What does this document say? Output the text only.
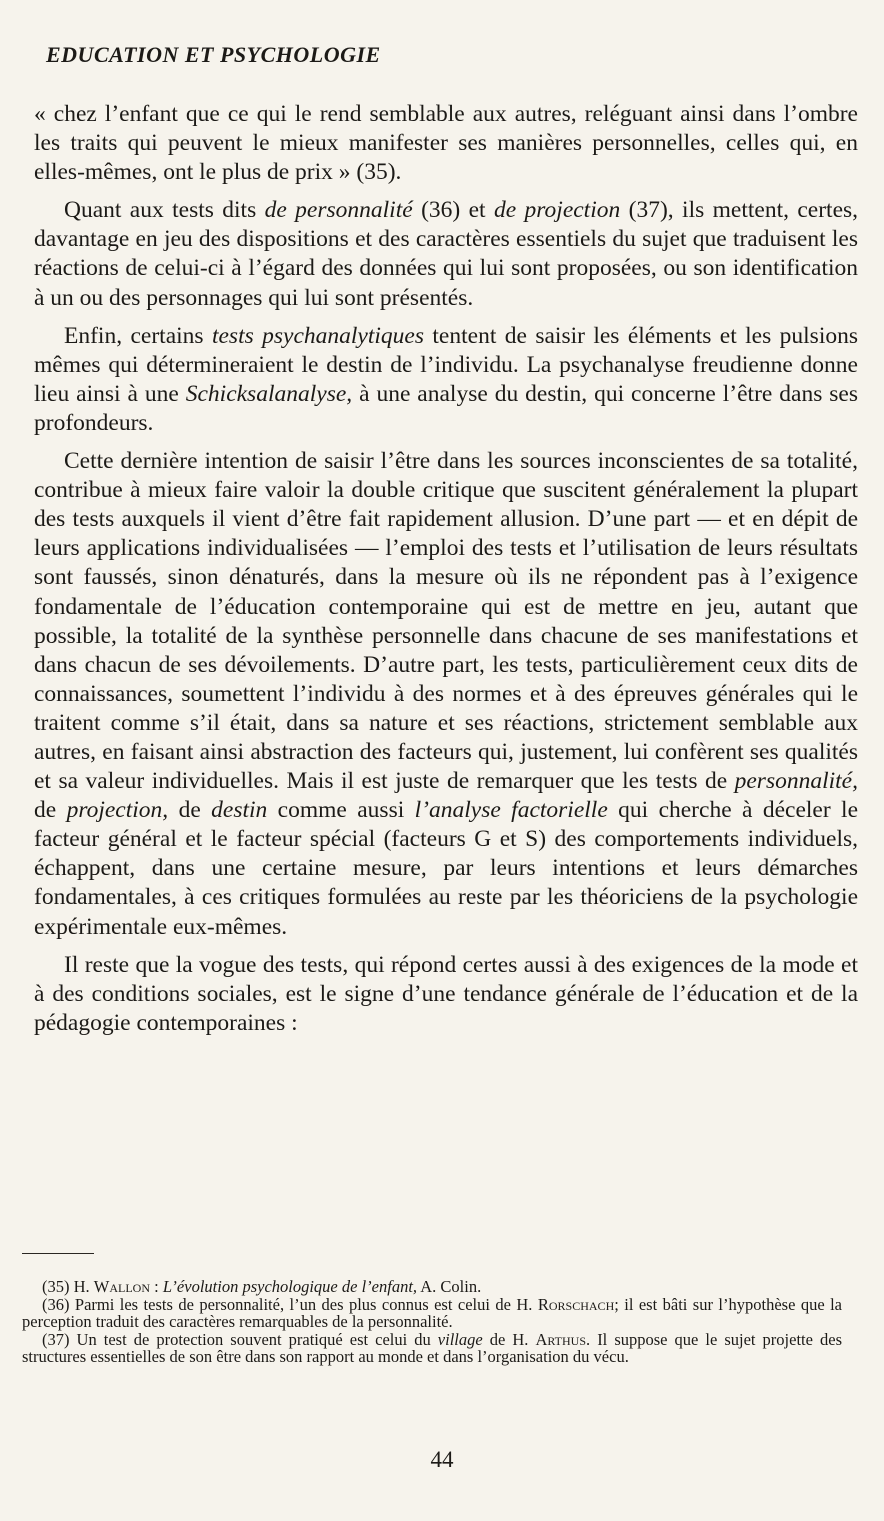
EDUCATION ET PSYCHOLOGIE

« chez l’enfant que ce qui le rend semblable aux autres, reléguant ainsi dans l’ombre les traits qui peuvent le mieux manifester ses manières personnelles, celles qui, en elles-mêmes, ont le plus de prix » (35).

Quant aux tests dits de personnalité (36) et de projection (37), ils mettent, certes, davantage en jeu des dispositions et des caractères essentiels du sujet que traduisent les réactions de celui-ci à l’égard des données qui lui sont proposées, ou son identification à un ou des personnages qui lui sont présentés.

Enfin, certains tests psychanalytiques tentent de saisir les éléments et les pulsions mêmes qui détermineraient le destin de l’individu. La psychanalyse freudienne donne lieu ainsi à une Schicksalanalyse, à une analyse du destin, qui concerne l’être dans ses profondeurs.

Cette dernière intention de saisir l’être dans les sources inconscientes de sa totalité, contribue à mieux faire valoir la double critique que suscitent généralement la plupart des tests auxquels il vient d’être fait rapidement allusion. D’une part — et en dépit de leurs applications individualisées — l’emploi des tests et l’utilisation de leurs résultats sont faussés, sinon dénaturés, dans la mesure où ils ne répondent pas à l’exigence fondamentale de l’éducation contemporaine qui est de mettre en jeu, autant que possible, la totalité de la synthèse personnelle dans chacune de ses manifestations et dans chacun de ses dévoilements. D’autre part, les tests, particulièrement ceux dits de connaissances, soumettent l’individu à des normes et à des épreuves générales qui le traitent comme s’il était, dans sa nature et ses réactions, strictement semblable aux autres, en faisant ainsi abstraction des facteurs qui, justement, lui confèrent ses qualités et sa valeur individuelles. Mais il est juste de remarquer que les tests de personnalité, de projection, de destin comme aussi l’analyse factorielle qui cherche à déceler le facteur général et le facteur spécial (facteurs G et S) des comportements individuels, échappent, dans une certaine mesure, par leurs intentions et leurs démarches fondamentales, à ces critiques formulées au reste par les théoriciens de la psychologie expérimentale eux-mêmes.

Il reste que la vogue des tests, qui répond certes aussi à des exigences de la mode et à des conditions sociales, est le signe d’une tendance générale de l’éducation et de la pédagogie contemporaines :

(35) H. Wallon : L’évolution psychologique de l’enfant, A. Colin.

(36) Parmi les tests de personnalité, l’un des plus connus est celui de H. Rorschach; il est bâti sur l’hypothèse que la perception traduit des caractères remarquables de la personnalité.

(37) Un test de protection souvent pratiqué est celui du village de H. Arthus. Il suppose que le sujet projette des structures essentielles de son être dans son rapport au monde et dans l’organisation du vécu.

44
